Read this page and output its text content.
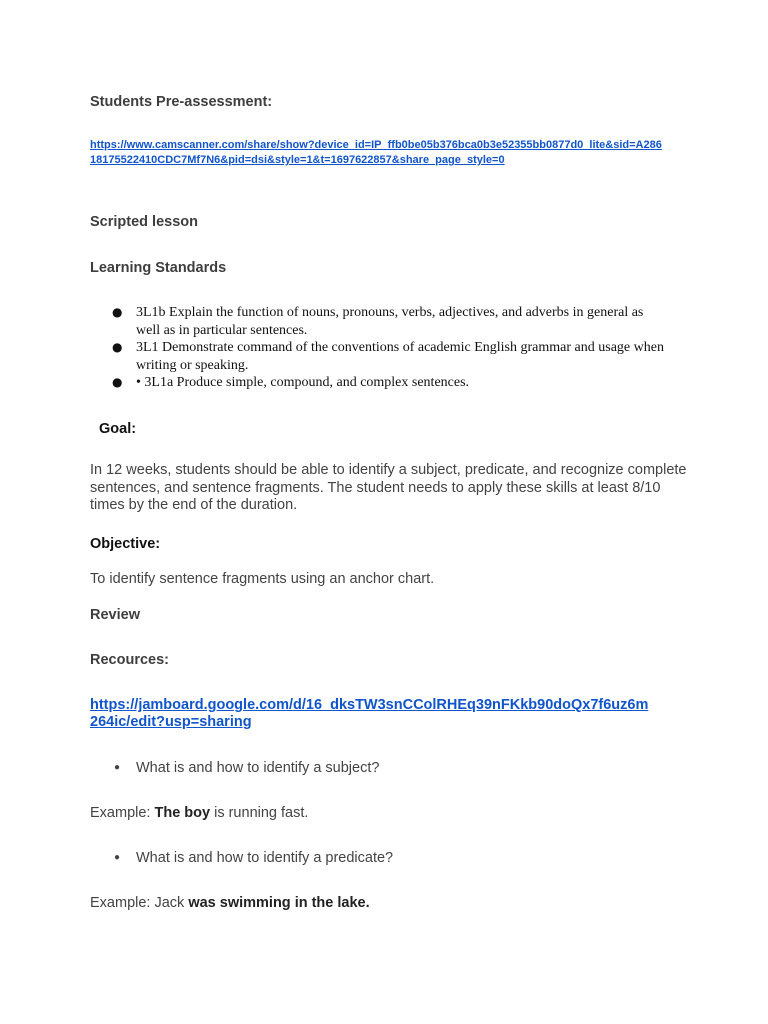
Students Pre-assessment:
https://www.camscanner.com/share/show?device_id=IP_ffb0be05b376bca0b3e52355bb0877d0_lite&sid=A286
18175522410CDC7Mf7N6&pid=dsi&style=1&t=1697622857&share_page_style=0
Scripted lesson
Learning Standards
● 3L1b Explain the function of nouns, pronouns, verbs, adjectives, and adverbs in general as well as in particular sentences.
● 3L1 Demonstrate command of the conventions of academic English grammar and usage when writing or speaking.
● • 3L1a Produce simple, compound, and complex sentences.
Goal:
In 12 weeks, students should be able to identify a subject, predicate, and recognize complete sentences, and sentence fragments. The student needs to apply these skills at least 8/10 times by the end of the duration.
Objective:
To identify sentence fragments using an anchor chart.
Review
Recources:
https://jamboard.google.com/d/16_dksTW3snCColRHEq39nFKkb90doQx7f6uz6m
264ic/edit?usp=sharing
● What is and how to identify a subject?
Example: The boy is running fast.
● What is and how to identify a predicate?
Example: Jack was swimming in the lake.
